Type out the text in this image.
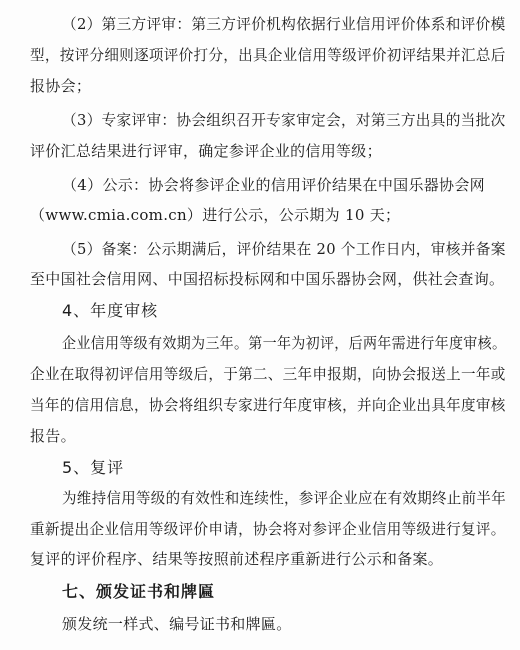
（2）第三方评审：第三方评价机构依据行业信用评价体系和评价模
型，按评分细则逐项评价打分，出具企业信用等级评价初评结果并汇总后
报协会；
（3）专家评审：协会组织召开专家审定会，对第三方出具的当批次
评价汇总结果进行评审，确定参评企业的信用等级；
（4）公示：协会将参评企业的信用评价结果在中国乐器协会网
（www.cmia.com.cn）进行公示，公示期为 10 天；
（5）备案：公示期满后，评价结果在 20 个工作日内，审核并备案
至中国社会信用网、中国招标投标网和中国乐器协会网，供社会查询。
4、年度审核
企业信用等级有效期为三年。第一年为初评，后两年需进行年度审核。
企业在取得初评信用等级后，于第二、三年申报期，向协会报送上一年或
当年的信用信息，协会将组织专家进行年度审核，并向企业出具年度审核
报告。
5、复评
为维持信用等级的有效性和连续性，参评企业应在有效期终止前半年
重新提出企业信用等级评价申请，协会将对参评企业信用等级进行复评。
复评的评价程序、结果等按照前述程序重新进行公示和备案。
七、颁发证书和牌匾
颁发统一样式、编号证书和牌匾。
